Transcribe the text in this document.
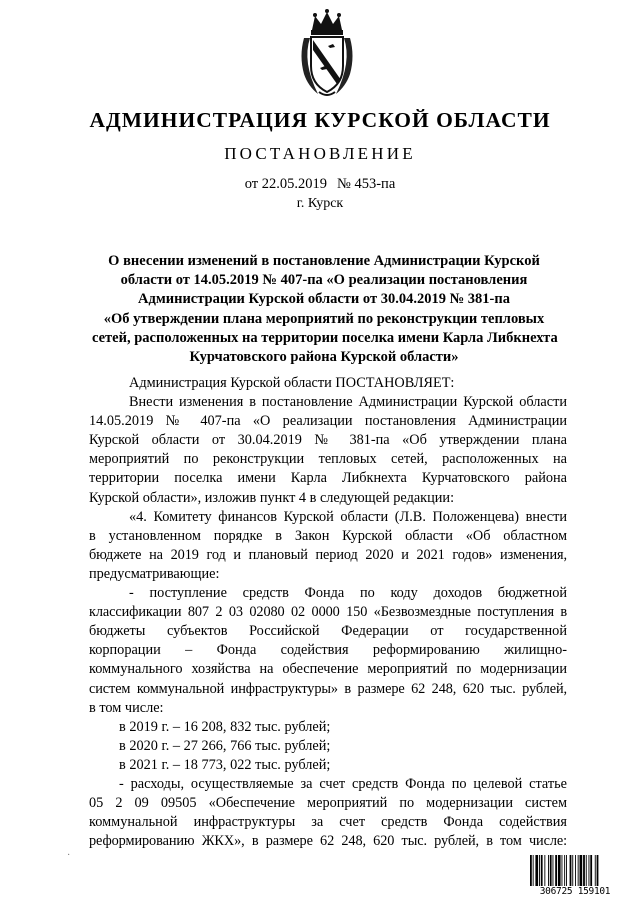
АДМИНИСТРАЦИЯ КУРСКОЙ ОБЛАСТИ
ПОСТАНОВЛЕНИЕ
от 22.05.2019 № 453-па
г. Курск
О внесении изменений в постановление Администрации Курской
области от 14.05.2019 № 407-па «О реализации постановления
Администрации Курской области от 30.04.2019 № 381-па
«Об утверждении плана мероприятий по реконструкции тепловых
сетей, расположенных на территории поселка имени Карла Либкнехта
Курчатовского района Курской области»
Администрация Курской области ПОСТАНОВЛЯЕТ:
Внести изменения в постановление Администрации Курской области
14.05.2019 № 407-па «О реализации постановления Администрации
Курской области от 30.04.2019 № 381-па «Об утверждении плана
мероприятий по реконструкции тепловых сетей, расположенных на
территории поселка имени Карла Либкнехта Курчатовского района
Курской области», изложив пункт 4 в следующей редакции:
«4. Комитету финансов Курской области (Л.В. Положенцева) внести
в установленном порядке в Закон Курской области «Об областном
бюджете на 2019 год и плановый период 2020 и 2021 годов» изменения,
предусматривающие:
- поступление средств Фонда по коду доходов бюджетной
классификации 807 2 03 02080 02 0000 150 «Безвозмездные поступления в
бюджеты субъектов Российской Федерации от государственной
корпорации – Фонда содействия реформированию жилищно-
коммунального хозяйства на обеспечение мероприятий по модернизации
систем коммунальной инфраструктуры» в размере 62 248, 620 тыс. рублей,
в том числе:
в 2019 г. – 16 208, 832 тыс. рублей;
в 2020 г. – 27 266, 766 тыс. рублей;
в 2021 г. – 18 773, 022 тыс. рублей;
- расходы, осуществляемые за счет средств Фонда по целевой статье
05 2 09 09505 «Обеспечение мероприятий по модернизации систем
коммунальной инфраструктуры за счет средств Фонда содействия
реформированию ЖКХ», в размере 62 248, 620 тыс. рублей, в том числе:
·
306725 159101
